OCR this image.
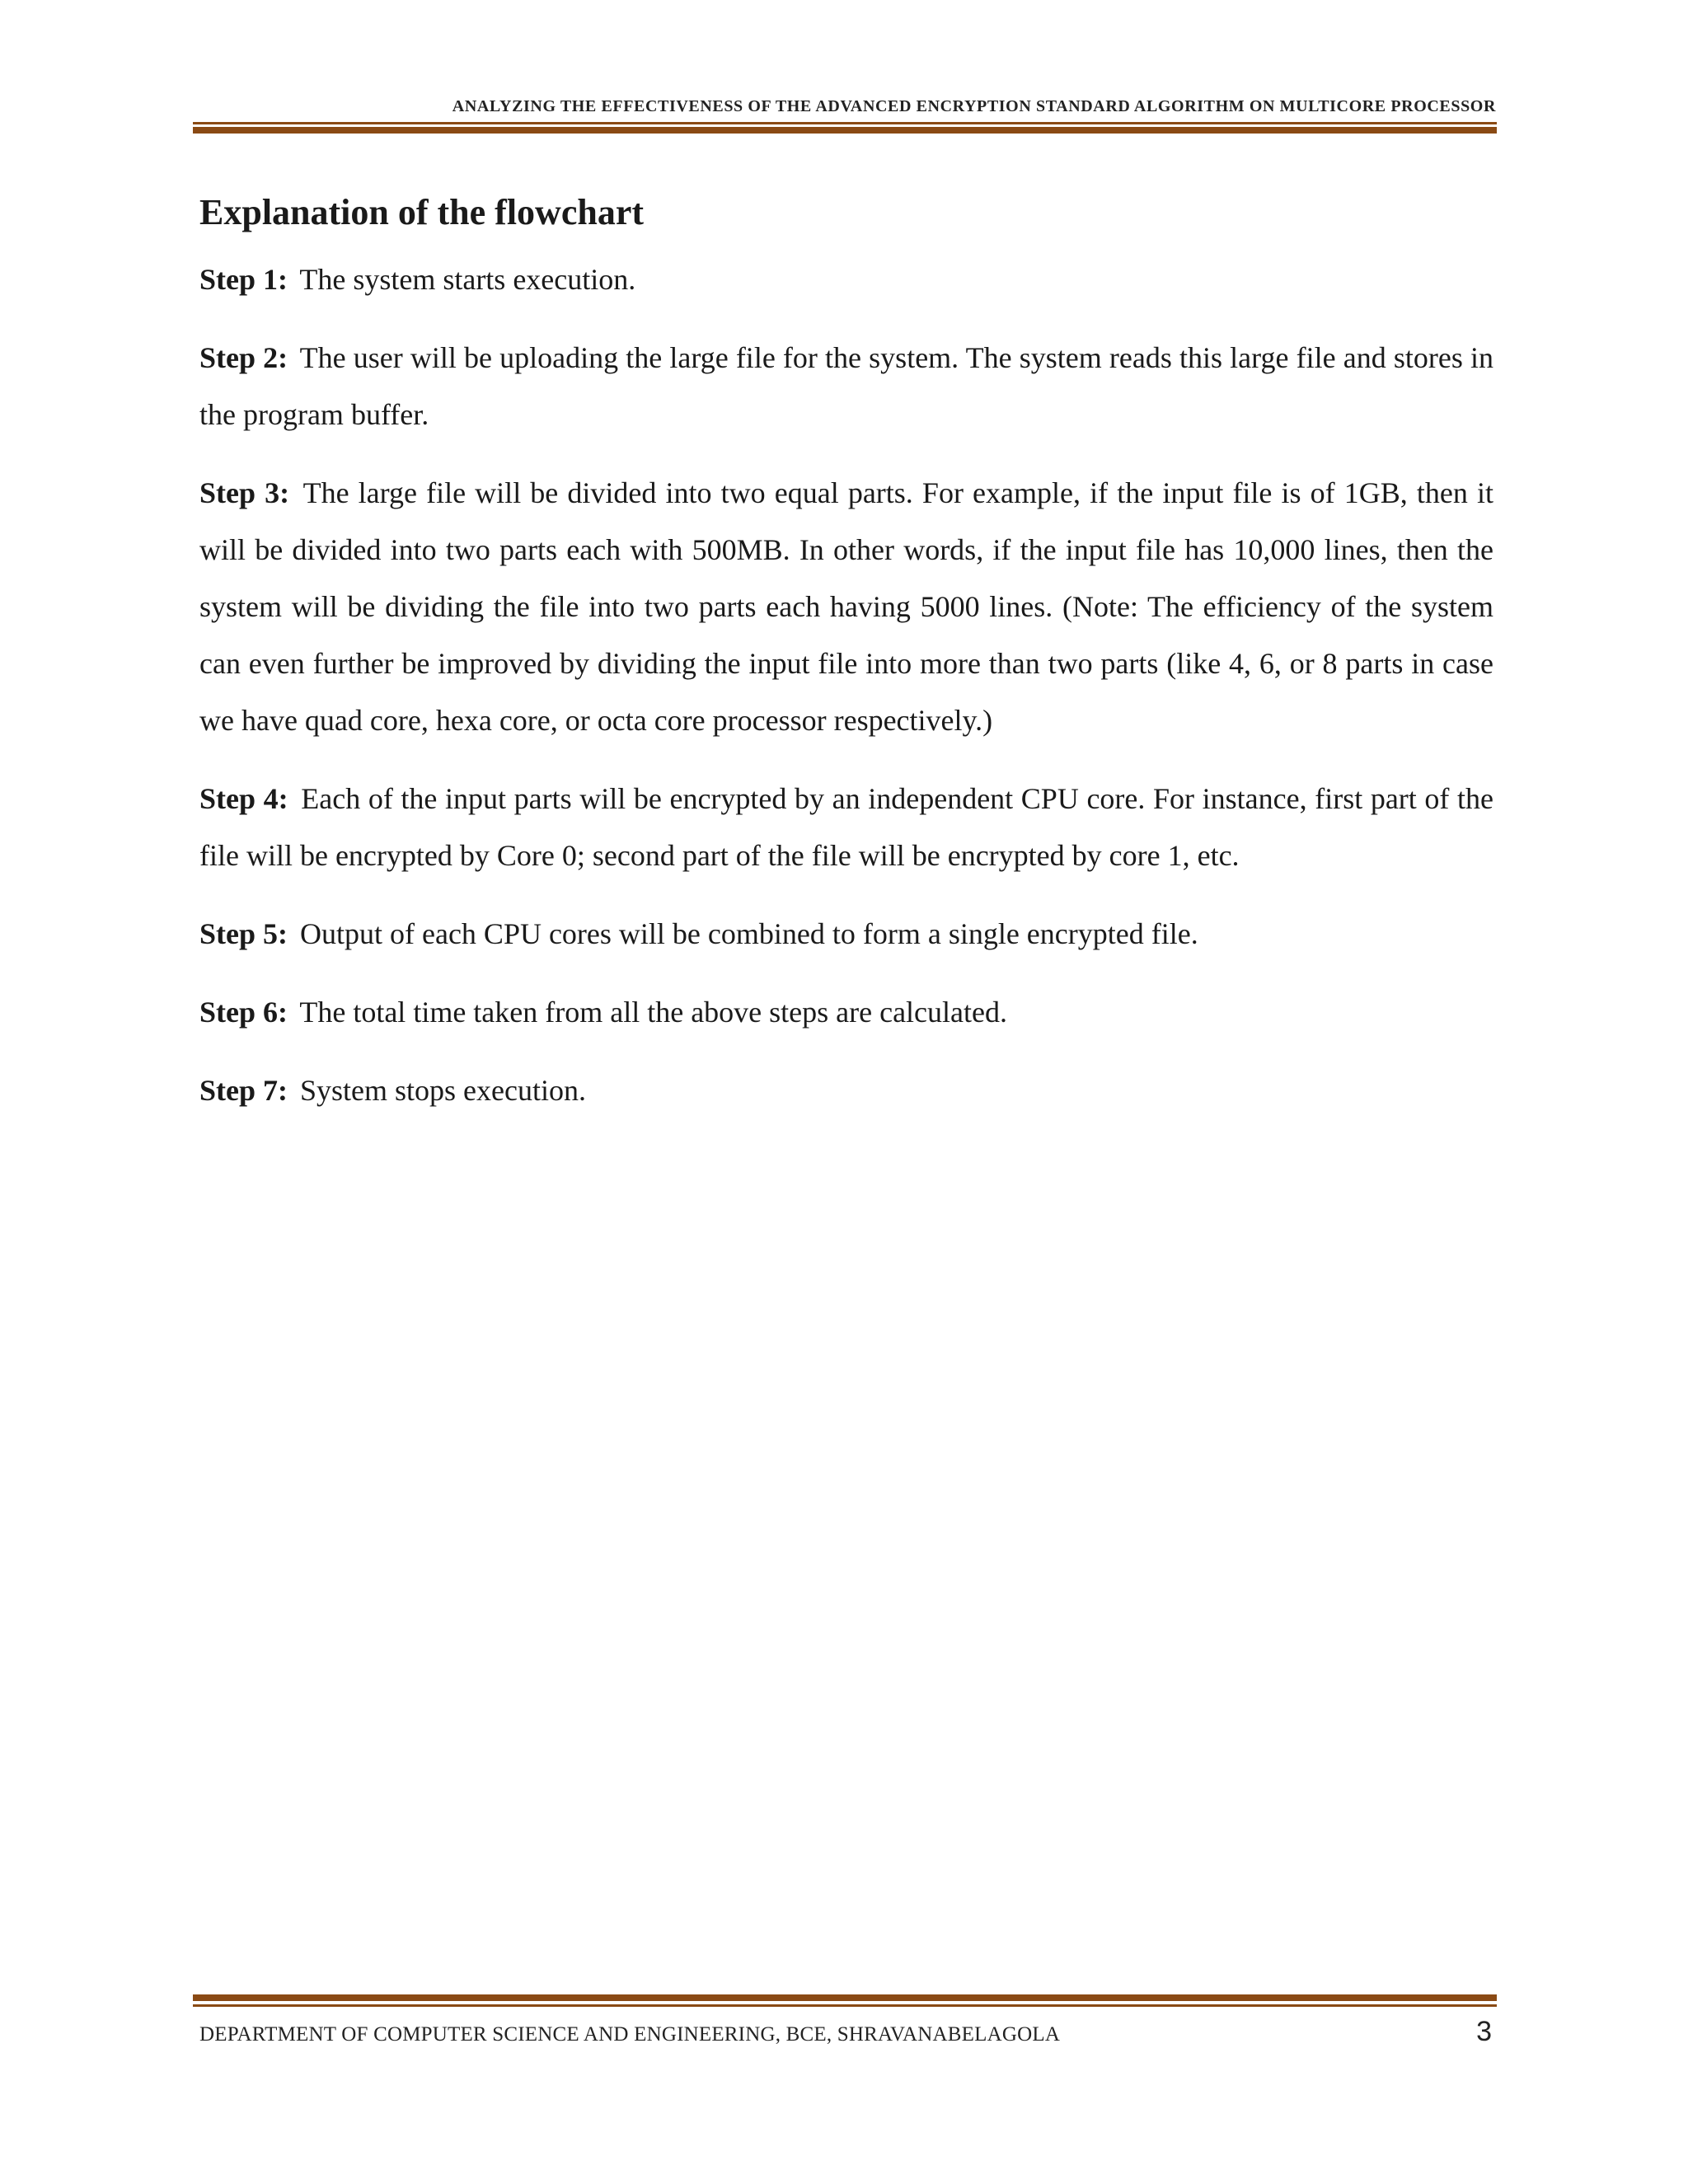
ANALYZING THE EFFECTIVENESS OF THE ADVANCED ENCRYPTION STANDARD ALGORITHM ON MULTICORE PROCESSOR
Explanation of the flowchart

Step 1: The system starts execution.

Step 2: The user will be uploading the large file for the system. The system reads this large file and stores in the program buffer.

Step 3: The large file will be divided into two equal parts. For example, if the input file is of 1GB, then it will be divided into two parts each with 500MB. In other words, if the input file has 10,000 lines, then the system will be dividing the file into two parts each having 5000 lines. (Note: The efficiency of the system can even further be improved by dividing the input file into more than two parts (like 4, 6, or 8 parts in case we have quad core, hexa core, or octa core processor respectively.)

Step 4: Each of the input parts will be encrypted by an independent CPU core. For instance, first part of the file will be encrypted by Core 0; second part of the file will be encrypted by core 1, etc.

Step 5: Output of each CPU cores will be combined to form a single encrypted file.

Step 6: The total time taken from all the above steps are calculated.

Step 7: System stops execution.

DEPARTMENT OF COMPUTER SCIENCE AND ENGINEERING, BCE, SHRAVANABELAGOLA	3
